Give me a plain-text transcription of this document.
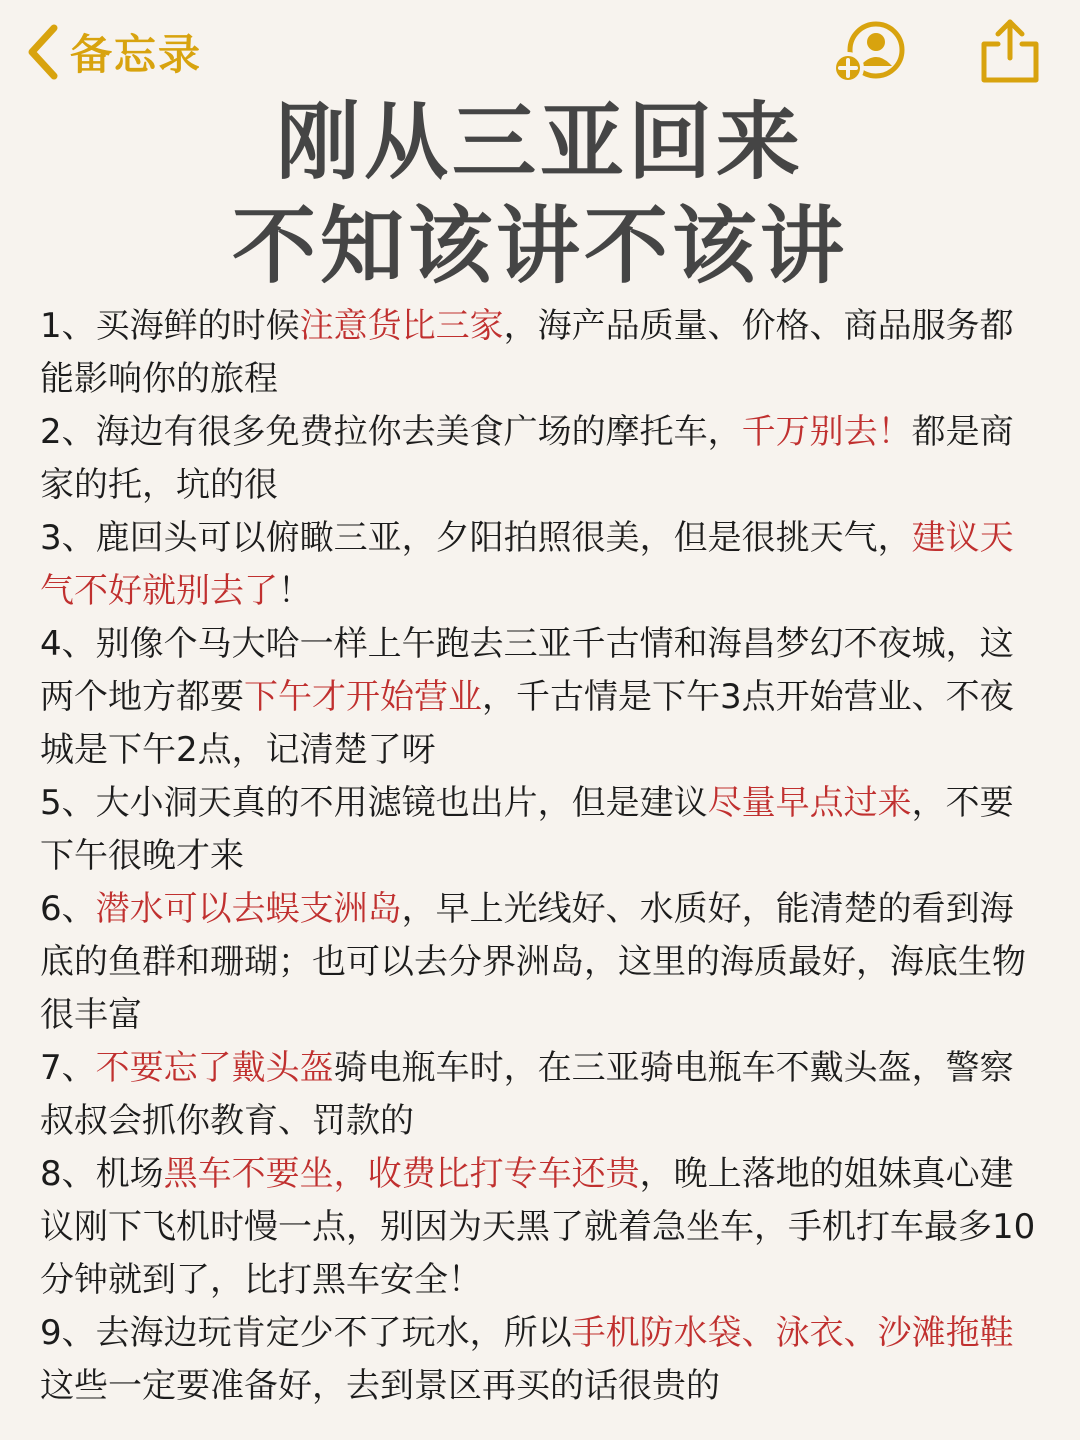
备忘录
刚从三亚回来
不知该讲不该讲

1、买海鲜的时候注意货比三家，海产品质量、价格、商品服务都能影响你的旅程

2、海边有很多免费拉你去美食广场的摩托车，千万别去！都是商家的托，坑的很

3、鹿回头可以俯瞰三亚，夕阳拍照很美，但是很挑天气，建议天气不好就别去了！

4、别像个马大哈一样上午跑去三亚千古情和海昌梦幻不夜城，这两个地方都要下午才开始营业，千古情是下午3点开始营业、不夜城是下午2点，记清楚了呀

5、大小洞天真的不用滤镜也出片，但是建议尽量早点过来，不要下午很晚才来

6、潜水可以去蜈支洲岛，早上光线好、水质好，能清楚的看到海底的鱼群和珊瑚；也可以去分界洲岛，这里的海质最好，海底生物很丰富

7、不要忘了戴头盔骑电瓶车时，在三亚骑电瓶车不戴头盔，警察叔叔会抓你教育、罚款的

8、机场黑车不要坐，收费比打专车还贵，晚上落地的姐妹真心建议刚下飞机时慢一点，别因为天黑了就着急坐车，手机打车最多10分钟就到了，比打黑车安全！

9、去海边玩肯定少不了玩水，所以手机防水袋、泳衣、沙滩拖鞋这些一定要准备好，去到景区再买的话很贵的
